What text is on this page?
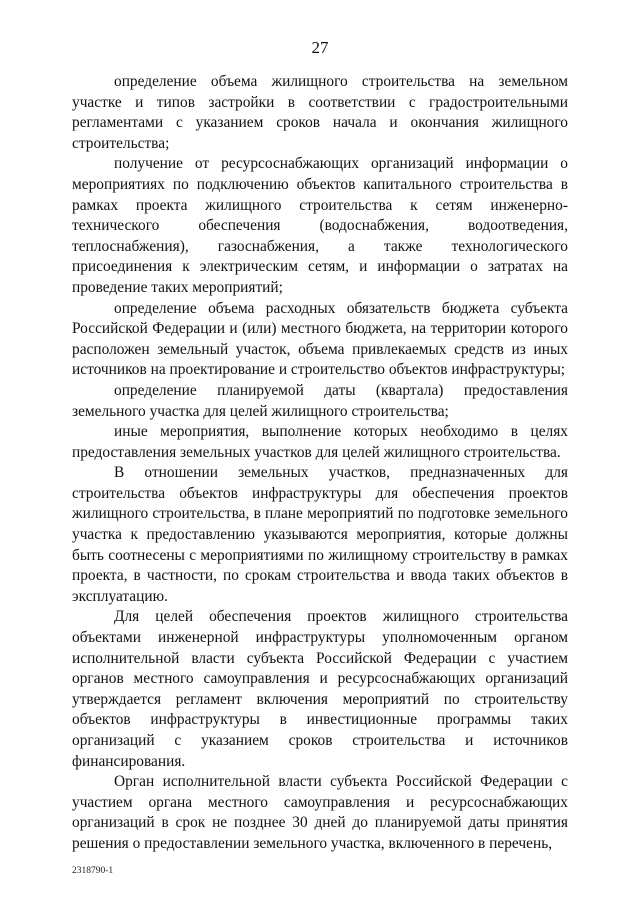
27

определение объема жилищного строительства на земельном участке и типов застройки в соответствии с градостроительными регламентами с указанием сроков начала и окончания жилищного строительства;

получение от ресурсоснабжающих организаций информации о мероприятиях по подключению объектов капитального строительства в рамках проекта жилищного строительства к сетям инженерно-технического обеспечения (водоснабжения, водоотведения, теплоснабжения), газоснабжения, а также технологического присоединения к электрическим сетям, и информации о затратах на проведение таких мероприятий;

определение объема расходных обязательств бюджета субъекта Российской Федерации и (или) местного бюджета, на территории которого расположен земельный участок, объема привлекаемых средств из иных источников на проектирование и строительство объектов инфраструктуры;

определение планируемой даты (квартала) предоставления земельного участка для целей жилищного строительства;

иные мероприятия, выполнение которых необходимо в целях предоставления земельных участков для целей жилищного строительства.

В отношении земельных участков, предназначенных для строительства объектов инфраструктуры для обеспечения проектов жилищного строительства, в плане мероприятий по подготовке земельного участка к предоставлению указываются мероприятия, которые должны быть соотнесены с мероприятиями по жилищному строительству в рамках проекта, в частности, по срокам строительства и ввода таких объектов в эксплуатацию.

Для целей обеспечения проектов жилищного строительства объектами инженерной инфраструктуры уполномоченным органом исполнительной власти субъекта Российской Федерации с участием органов местного самоуправления и ресурсоснабжающих организаций утверждается регламент включения мероприятий по строительству объектов инфраструктуры в инвестиционные программы таких организаций с указанием сроков строительства и источников финансирования.

Орган исполнительной власти субъекта Российской Федерации с участием органа местного самоуправления и ресурсоснабжающих организаций в срок не позднее 30 дней до планируемой даты принятия решения о предоставлении земельного участка, включенного в перечень,

2318790-1
